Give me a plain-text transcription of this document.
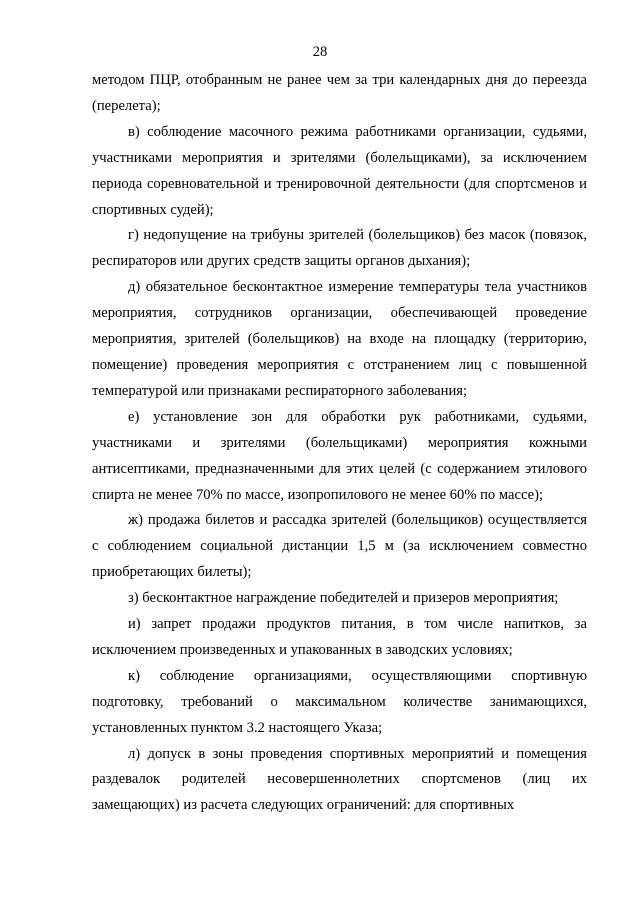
28

методом ПЦР, отобранным не ранее чем за три календарных дня до переезда (перелета);

в) соблюдение масочного режима работниками организации, судьями, участниками мероприятия и зрителями (болельщиками), за исключением периода соревновательной и тренировочной деятельности (для спортсменов и спортивных судей);

г) недопущение на трибуны зрителей (болельщиков) без масок (повязок, респираторов или других средств защиты органов дыхания);

д) обязательное бесконтактное измерение температуры тела участников мероприятия, сотрудников организации, обеспечивающей проведение мероприятия, зрителей (болельщиков) на входе на площадку (территорию, помещение) проведения мероприятия с отстранением лиц с повышенной температурой или признаками респираторного заболевания;

е) установление зон для обработки рук работниками, судьями, участниками и зрителями (болельщиками) мероприятия кожными антисептиками, предназначенными для этих целей (с содержанием этилового спирта не менее 70% по массе, изопропилового не менее 60% по массе);

ж) продажа билетов и рассадка зрителей (болельщиков) осуществляется с соблюдением социальной дистанции 1,5 м (за исключением совместно приобретающих билеты);

з) бесконтактное награждение победителей и призеров мероприятия;

и) запрет продажи продуктов питания, в том числе напитков, за исключением произведенных и упакованных в заводских условиях;

к) соблюдение организациями, осуществляющими спортивную подготовку, требований о максимальном количестве занимающихся, установленных пунктом 3.2 настоящего Указа;

л) допуск в зоны проведения спортивных мероприятий и помещения раздевалок родителей несовершеннолетних спортсменов (лиц их замещающих) из расчета следующих ограничений: для спортивных
